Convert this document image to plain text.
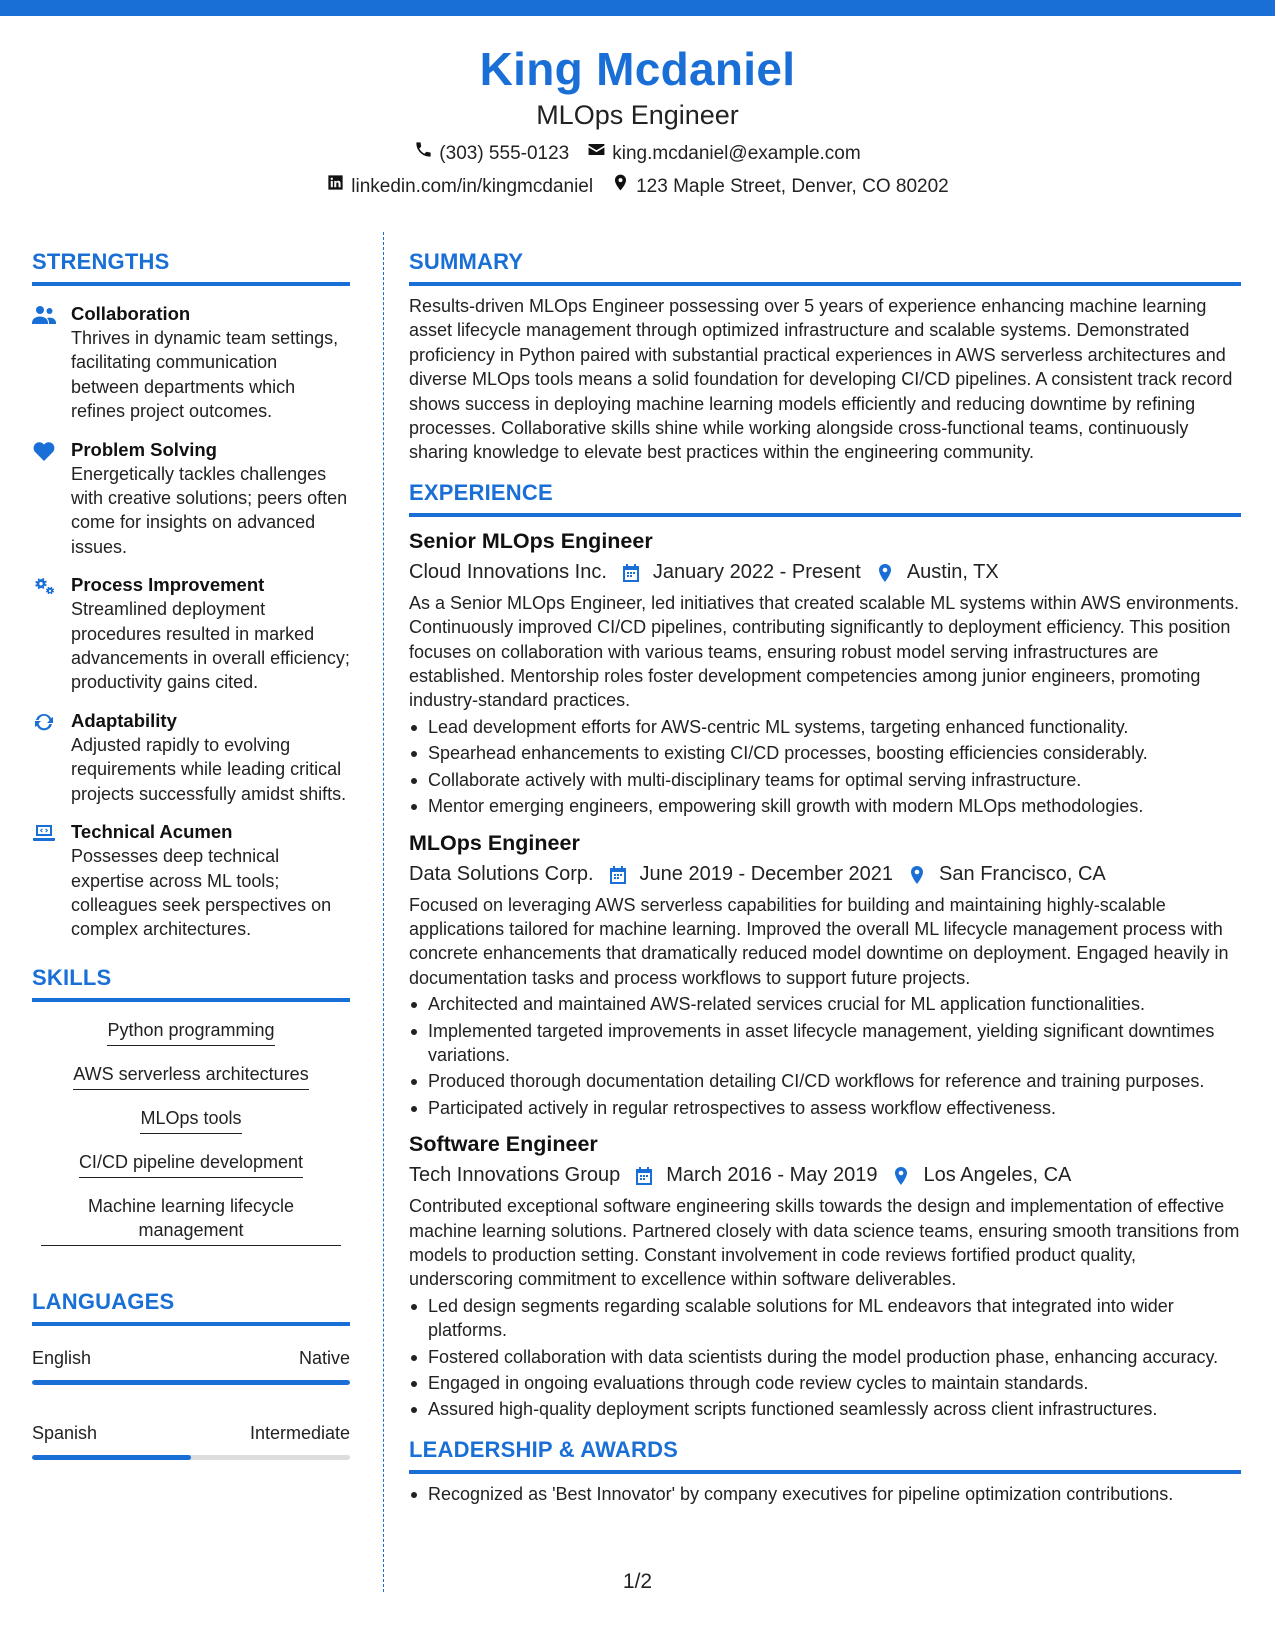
King Mcdaniel
MLOps Engineer
(303) 555-0123 king.mcdaniel@example.com
linkedin.com/in/kingmcdaniel 123 Maple Street, Denver, CO 80202
STRENGTHS
Collaboration
Thrives in dynamic team settings, facilitating communication between departments which refines project outcomes.
Problem Solving
Energetically tackles challenges with creative solutions; peers often come for insights on advanced issues.
Process Improvement
Streamlined deployment procedures resulted in marked advancements in overall efficiency; productivity gains cited.
Adaptability
Adjusted rapidly to evolving requirements while leading critical projects successfully amidst shifts.
Technical Acumen
Possesses deep technical expertise across ML tools; colleagues seek perspectives on complex architectures.
SKILLS
Python programming
AWS serverless architectures
MLOps tools
CI/CD pipeline development
Machine learning lifecycle management
LANGUAGES
English	Native
Spanish	Intermediate
SUMMARY
Results-driven MLOps Engineer possessing over 5 years of experience enhancing machine learning asset lifecycle management through optimized infrastructure and scalable systems. Demonstrated proficiency in Python paired with substantial practical experiences in AWS serverless architectures and diverse MLOps tools means a solid foundation for developing CI/CD pipelines. A consistent track record shows success in deploying machine learning models efficiently and reducing downtime by refining processes. Collaborative skills shine while working alongside cross-functional teams, continuously sharing knowledge to elevate best practices within the engineering community.
EXPERIENCE
Senior MLOps Engineer
Cloud Innovations Inc. January 2022 - Present Austin, TX
As a Senior MLOps Engineer, led initiatives that created scalable ML systems within AWS environments. Continuously improved CI/CD pipelines, contributing significantly to deployment efficiency. This position focuses on collaboration with various teams, ensuring robust model serving infrastructures are established. Mentorship roles foster development competencies among junior engineers, promoting industry-standard practices.
Lead development efforts for AWS-centric ML systems, targeting enhanced functionality.
Spearhead enhancements to existing CI/CD processes, boosting efficiencies considerably.
Collaborate actively with multi-disciplinary teams for optimal serving infrastructure.
Mentor emerging engineers, empowering skill growth with modern MLOps methodologies.
MLOps Engineer
Data Solutions Corp. June 2019 - December 2021 San Francisco, CA
Focused on leveraging AWS serverless capabilities for building and maintaining highly-scalable applications tailored for machine learning. Improved the overall ML lifecycle management process with concrete enhancements that dramatically reduced model downtime on deployment. Engaged heavily in documentation tasks and process workflows to support future projects.
Architected and maintained AWS-related services crucial for ML application functionalities.
Implemented targeted improvements in asset lifecycle management, yielding significant downtimes variations.
Produced thorough documentation detailing CI/CD workflows for reference and training purposes.
Participated actively in regular retrospectives to assess workflow effectiveness.
Software Engineer
Tech Innovations Group March 2016 - May 2019 Los Angeles, CA
Contributed exceptional software engineering skills towards the design and implementation of effective machine learning solutions. Partnered closely with data science teams, ensuring smooth transitions from models to production setting. Constant involvement in code reviews fortified product quality, underscoring commitment to excellence within software deliverables.
Led design segments regarding scalable solutions for ML endeavors that integrated into wider platforms.
Fostered collaboration with data scientists during the model production phase, enhancing accuracy.
Engaged in ongoing evaluations through code review cycles to maintain standards.
Assured high-quality deployment scripts functioned seamlessly across client infrastructures.
LEADERSHIP & AWARDS
Recognized as 'Best Innovator' by company executives for pipeline optimization contributions.
1/2
